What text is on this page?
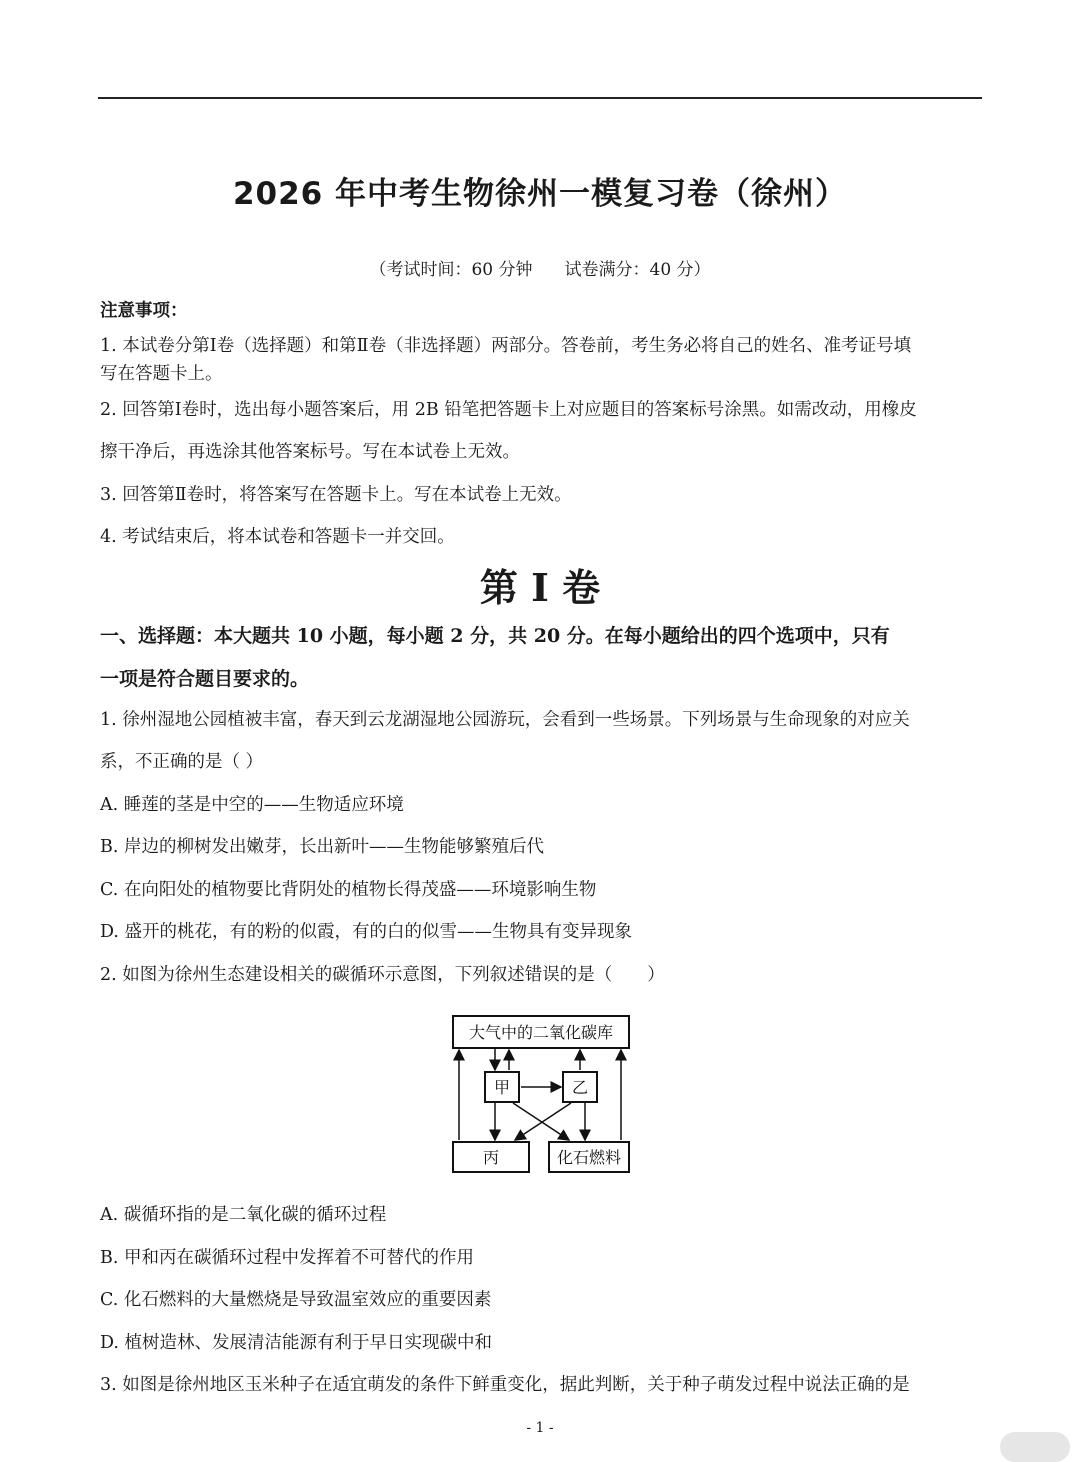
2026 年中考生物徐州一模复习卷（徐州）
（考试时间：60 分钟 试卷满分：40 分）
注意事项：
1. 本试卷分第Ⅰ卷（选择题）和第Ⅱ卷（非选择题）两部分。答卷前，考生务必将自己的姓名、准考证号填
写在答题卡上。
2. 回答第Ⅰ卷时，选出每小题答案后，用 2B 铅笔把答题卡上对应题目的答案标号涂黑。如需改动，用橡皮
擦干净后，再选涂其他答案标号。写在本试卷上无效。
3. 回答第Ⅱ卷时，将答案写在答题卡上。写在本试卷上无效。
4. 考试结束后，将本试卷和答题卡一并交回。
第 I 卷
一、选择题：本大题共 10 小题，每小题 2 分，共 20 分。在每小题给出的四个选项中，只有
一项是符合题目要求的。
1. 徐州湿地公园植被丰富，春天到云龙湖湿地公园游玩，会看到一些场景。下列场景与生命现象的对应关
系，不正确的是（ ）
A. 睡莲的茎是中空的——生物适应环境
B. 岸边的柳树发出嫩芽，长出新叶——生物能够繁殖后代
C. 在向阳处的植物要比背阴处的植物长得茂盛——环境影响生物
D. 盛开的桃花，有的粉的似霞，有的白的似雪——生物具有变异现象
2. 如图为徐州生态建设相关的碳循环示意图，下列叙述错误的是（　　）
大气中的二氧化碳库
甲	乙
丙	化石燃料
A. 碳循环指的是二氧化碳的循环过程
B. 甲和丙在碳循环过程中发挥着不可替代的作用
C. 化石燃料的大量燃烧是导致温室效应的重要因素
D. 植树造林、发展清洁能源有利于早日实现碳中和
3. 如图是徐州地区玉米种子在适宜萌发的条件下鲜重变化，据此判断，关于种子萌发过程中说法正确的是
- 1 -
